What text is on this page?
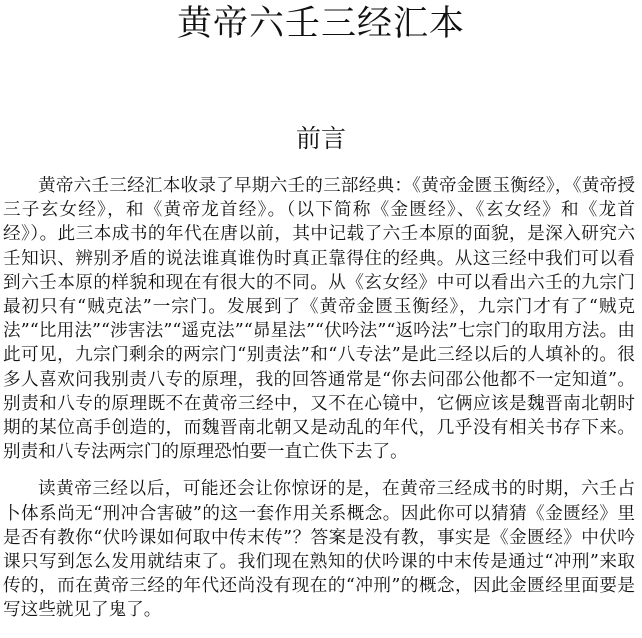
黄帝六壬三经汇本
前言

黄帝六壬三经汇本收录了早期六壬的三部经典：《黄帝金匮玉衡经》，《黄帝授三子玄女经》，和《黄帝龙首经》。（以下简称《金匮经》、《玄女经》和《龙首经》）。此三本成书的年代在唐以前，其中记载了六壬本原的面貌，是深入研究六壬知识、辨别矛盾的说法谁真谁伪时真正靠得住的经典。从这三经中我们可以看到六壬本原的样貌和现在有很大的不同。从《玄女经》中可以看出六壬的九宗门最初只有“贼克法”一宗门。发展到了《黄帝金匮玉衡经》，九宗门才有了“贼克法”“比用法”“涉害法”“遥克法”“昴星法”“伏吟法”“返吟法”七宗门的取用方法。由此可见，九宗门剩余的两宗门“别责法”和“八专法”是此三经以后的人填补的。很多人喜欢问我别责八专的原理，我的回答通常是“你去问邵公他都不一定知道”。别责和八专的原理既不在黄帝三经中，又不在心镜中，它俩应该是魏晋南北朝时期的某位高手创造的，而魏晋南北朝又是动乱的年代，几乎没有相关书存下来。别责和八专法两宗门的原理恐怕要一直亡佚下去了。

读黄帝三经以后，可能还会让你惊讶的是，在黄帝三经成书的时期，六壬占卜体系尚无“刑冲合害破”的这一套作用关系概念。因此你可以猜猜《金匮经》里是否有教你“伏吟课如何取中传末传”？答案是没有教，事实是《金匮经》中伏吟课只写到怎么发用就结束了。我们现在熟知的伏吟课的中末传是通过“冲刑”来取传的，而在黄帝三经的年代还尚没有现在的“冲刑”的概念，因此金匮经里面要是写这些就见了鬼了。
